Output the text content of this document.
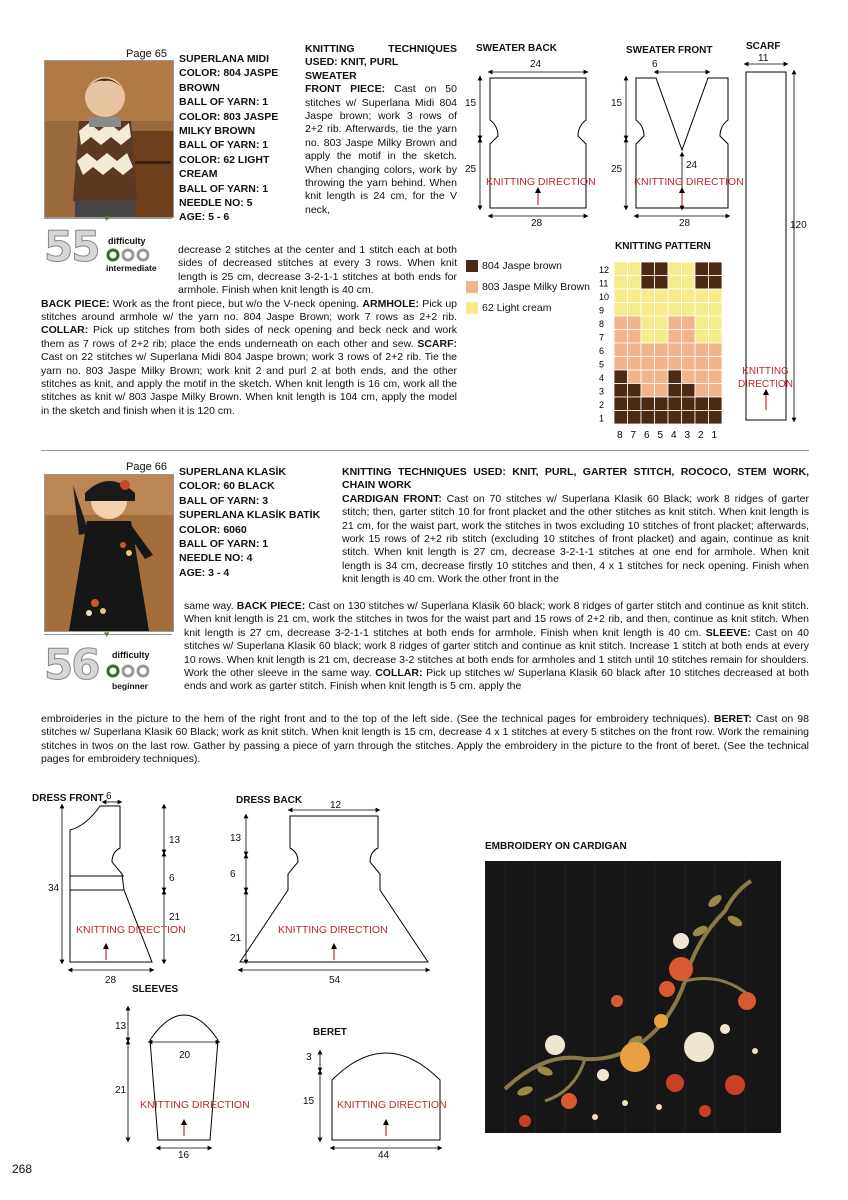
Page 65 SUPERLANA MIDI
COLOR: 804 JASPE BROWN
BALL OF YARN: 1
COLOR: 803 JASPE MILKY BROWN
BALL OF YARN: 1
COLOR: 62 LIGHT CREAM
BALL OF YARN: 1
NEEDLE NO: 5
AGE: 5 - 6
♥
55 difficulty
intermediate
KNITTING TECHNIQUES USED: KNIT, PURL
SWEATER
FRONT PIECE: Cast on 50 stitches w/ Superlana Midi 804 Jaspe brown; work 3 rows of 2+2 rib. Afterwards, tie the yarn no. 803 Jaspe Milky Brown and apply the motif in the sketch. When changing colors, work by throwing the yarn behind. When knit length is 24 cm, for the V neck,
decrease 2 stitches at the center and 1 stitch each at both sides of decreased stitches at every 3 rows. When knit length is 25 cm, decrease 3-2-1-1 stitches at both ends for armhole. Finish when knit length is 40 cm.
BACK PIECE: Work as the front piece, but w/o the V-neck opening. ARMHOLE: Pick up stitches around armhole w/ the yarn no. 804 Jaspe Brown; work 7 rows as 2+2 rib. COLLAR: Pick up stitches from both sides of neck opening and beck neck and work them as 7 rows of 2+2 rib; place the ends underneath on each other and sew. SCARF: Cast on 22 stitches w/ Superlana Midi 804 Jaspe brown; work 3 rows of 2+2 rib. Tie the yarn no. 803 Jaspe Milky Brown; work knit 2 and purl 2 at both ends, and the other stitches as knit, and apply the motif in the sketch. When knit length is 16 cm, work all the stitches as knit w/ 803 Jaspe Milky Brown. When knit length is 104 cm, apply the model in the sketch and finish when it is 120 cm.
SWEATER BACK	SWEATER FRONT	SCARF
24
15
25
28
KNITTING DIRECTION
6
15
25	24
28
KNITTING DIRECTION
11
120
KNITTING
DIRECTION
KNITTING PATTERN
804 Jaspe brown
803 Jaspe Milky Brown
62 Light cream
12
11
10
9
8
7
6
5
4
3
2
1
8 7 6 5 4 3 2 1
Page 66 SUPERLANA KLASİK
COLOR: 60 BLACK
BALL OF YARN: 3
SUPERLANA KLASİK BATİK
COLOR: 6060
BALL OF YARN: 1
NEEDLE NO: 4
AGE: 3 - 4
♥
56 difficulty
beginner
KNITTING TECHNIQUES USED: KNIT, PURL, GARTER STITCH, ROCOCO, STEM WORK, CHAIN WORK
CARDIGAN FRONT: Cast on 70 stitches w/ Superlana Klasik 60 Black; work 8 ridges of garter stitch; then, garter stitch 10 for front placket and the other stitches as knit stitch. When knit length is 21 cm, for the waist part, work the stitches in twos excluding 10 stitches of front placket; afterwards, work 15 rows of 2+2 rib stitch (excluding 10 stitches of front placket) and again, continue as knit stitch. When knit length is 27 cm, decrease 3-2-1-1 stitches at one end for armhole. When knit length is 34 cm, decrease firstly 10 stitches and then, 4 x 1 stitches for neck opening. Finish when knit length is 40 cm. Work the other front in the
same way. BACK PIECE: Cast on 130 stitches w/ Superlana Klasik 60 black; work 8 ridges of garter stitch and continue as knit stitch. When knit length is 21 cm, work the stitches in twos for the waist part and 15 rows of 2+2 rib, and then, continue as knit stitch. When knit length is 27 cm, decrease 3-2-1-1 stitches at both ends for armhole. Finish when knit length is 40 cm. SLEEVE: Cast on 40 stitches w/ Superlana Klasik 60 black; work 8 ridges of garter stitch and continue as knit stitch. Increase 1 stitch at both ends at every 10 rows. When knit length is 21 cm, decrease 3-2 stitches at both ends for armholes and 1 stitch until 10 stitches remain for shoulders. Work the other sleeve in the same way. COLLAR: Pick up stitches w/ Superlana Klasik 60 black after 10 stitches decreased at both ends and work as garter stitch. Finish when knit length is 5 cm. apply the
embroideries in the picture to the hem of the right front and to the top of the left side. (See the technical pages for embroidery techniques). BERET: Cast on 98 stitches w/ Superlana Klasik 60 Black; work as knit stitch. When knit length is 15 cm, decrease 4 x 1 stitches at every 5 stitches on the front row. Work the remaining stitches in twos on the last row. Gather by passing a piece of yarn through the stitches. Apply the embroidery in the picture to the front of beret. (See the technical pages for embroidery techniques).
DRESS FRONT	DRESS BACK
SLEEVES
BERET
EMBROIDERY ON CARDIGAN
6
13
6
21
34
28
KNITTING DIRECTION
12
13
6
21
54
KNITTING DIRECTION
13
20
21
16
KNITTING DIRECTION
3
15
44
KNITTING DIRECTION
268
